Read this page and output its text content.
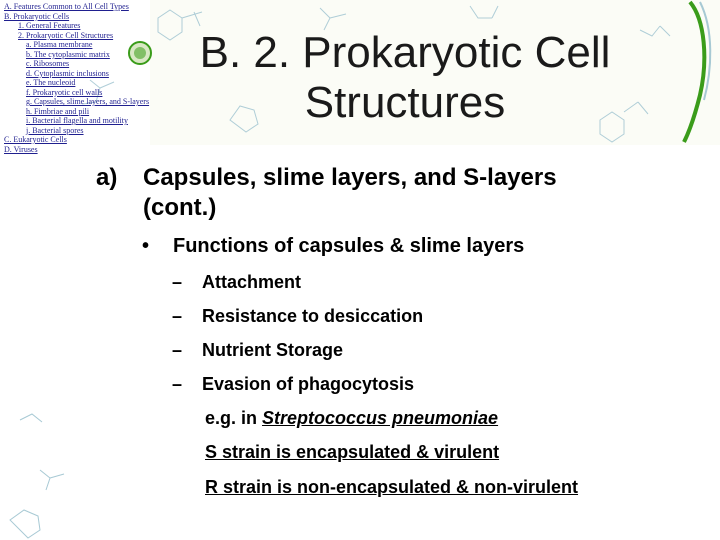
A. Features Common to All Cell Types
B. Prokaryotic Cells
1. General Features
2. Prokaryotic Cell Structures
a. Plasma membrane
b. The cytoplasmic matrix
c. Ribosomes
d. Cytoplasmic inclusions
e. The nucleoid
f. Prokaryotic cell walls
g. Capsules, slime layers, and S-layers
h. Fimbriae and pili
i. Bacterial flagella and motility
j. Bacterial spores
C. Eukaryotic Cells
D. Viruses
B. 2. Prokaryotic Cell
Structures
a) Capsules, slime layers, and S-layers
(cont.)
• Functions of capsules & slime layers
– Attachment
– Resistance to desiccation
– Nutrient Storage
– Evasion of phagocytosis
e.g. in Streptococcus pneumoniae
S strain is encapsulated & virulent
R strain is non-encapsulated & non-virulent
